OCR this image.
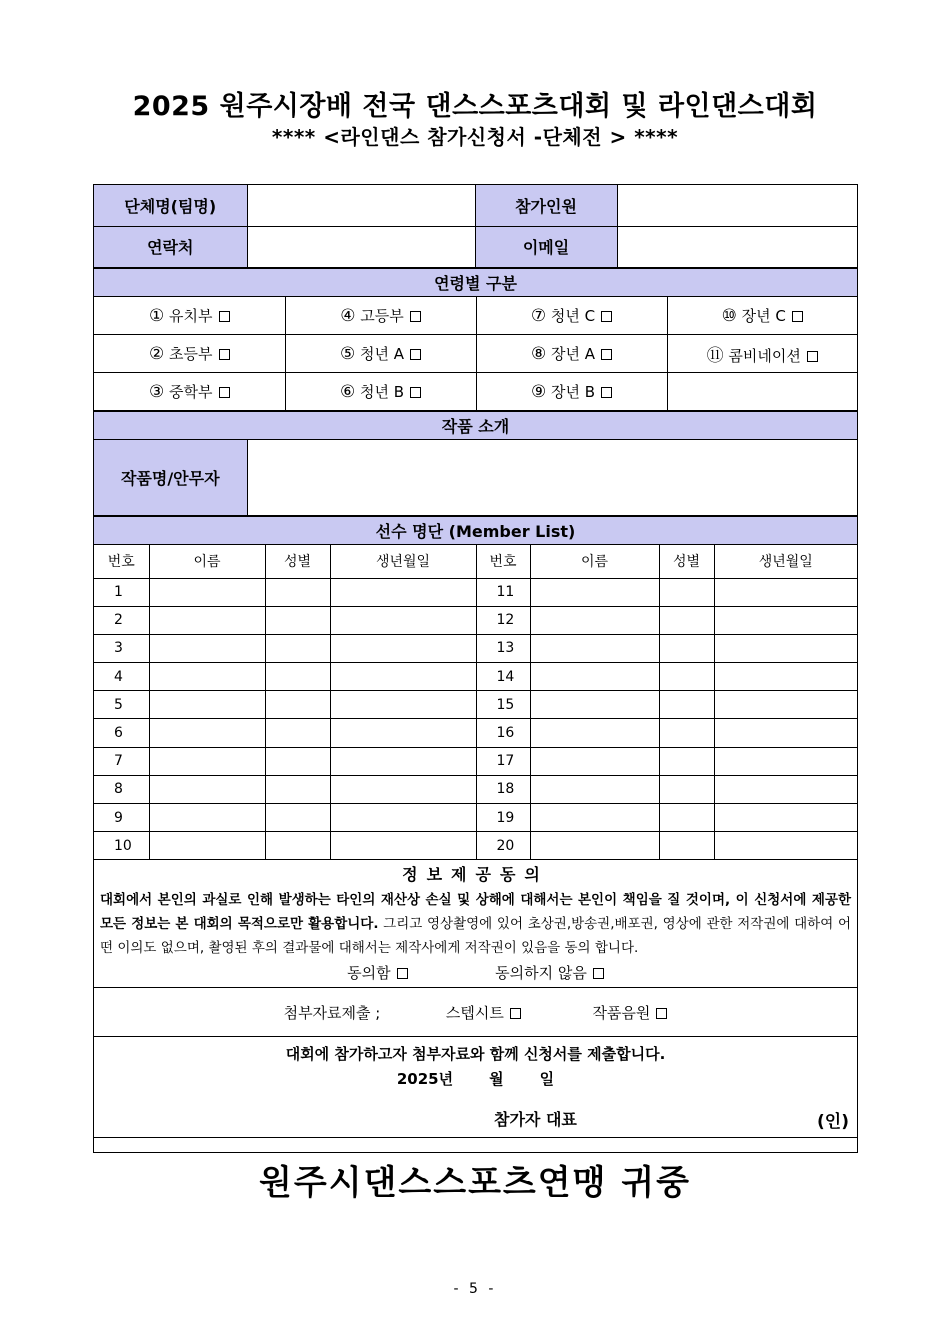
2025 원주시장배 전국 댄스스포츠대회 및 라인댄스대회
**** <라인댄스 참가신청서 -단체전 > ****
단체명(팀명)		참가인원	
연락처		이메일	
연령별 구분			
① 유치부	④ 고등부	⑦ 청년 C	⑩ 장년 C
② 초등부	⑤ 청년 A	⑧ 장년 A	⑪ 콤비네이션
③ 중학부	⑥ 청년 B	⑨ 장년 B	
작품 소개
작품명/안무자	
선수 명단 (Member List)							
번호	이름	성별	생년월일	번호	이름	성별	생년월일
1				11			
2				12			
3				13			
4				14			
5				15			
6				16			
7				17			
8				18			
9				19			
10				20			
정보제공동의
대회에서 본인의 과실로 인해 발생하는 타인의 재산상 손실 및 상해에 대해서는 본인이 책임을 질 것이며, 이 신청서에 제공한 모든 정보는 본 대회의 목적으로만 활용합니다. 그리고 영상촬영에 있어 초상권,방송권,배포권, 영상에 관한 저작권에 대하여 어떤 이의도 없으며, 촬영된 후의 결과물에 대해서는 제작사에게 저작권이 있음을 동의 합니다.
동의함	동의하지 않음

첨부자료제출 ;	스텝시트	작품음원

대회에 참가하고자 첨부자료와 함께 신청서를 제출합니다.
2025년 월 일
참가자 대표	(인)
원주시댄스스포츠연맹 귀중
- 5 -
